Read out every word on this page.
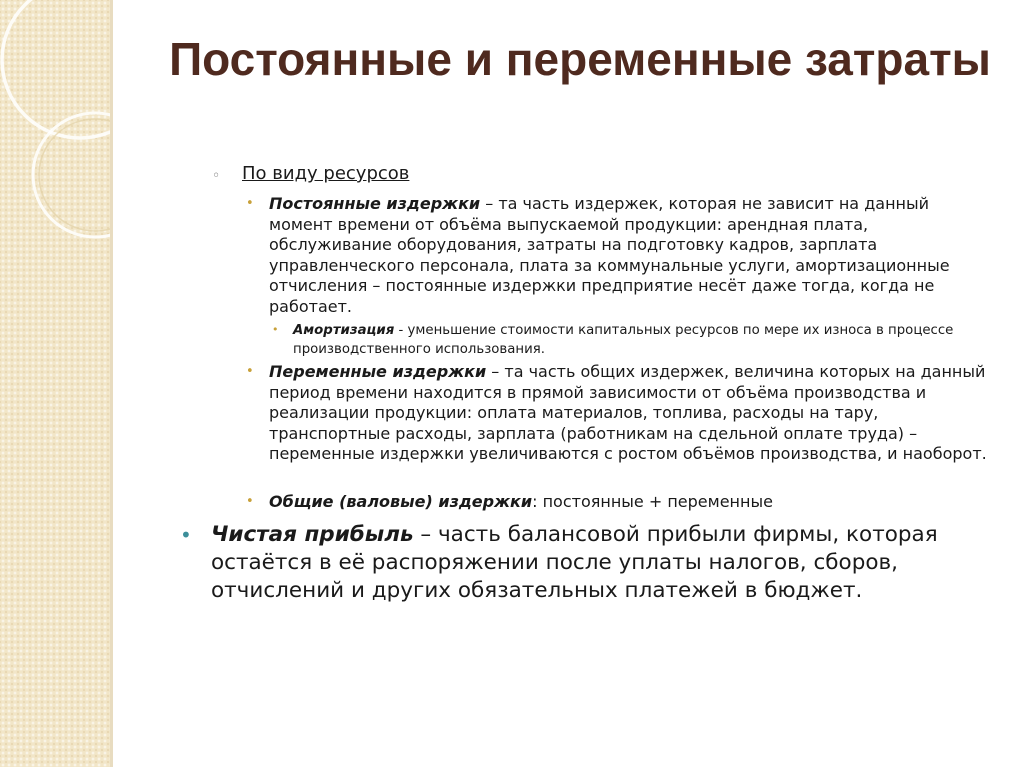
Постоянные и переменные затраты
◦ По виду ресурсов
• Постоянные издержки – та часть издержек, которая не зависит на данный момент времени от объёма выпускаемой продукции: арендная плата, обслуживание оборудования, затраты на подготовку кадров, зарплата управленческого персонала, плата за коммунальные услуги, амортизационные отчисления – постоянные издержки предприятие несёт даже тогда, когда не работает.
• Амортизация - уменьшение стоимости капитальных ресурсов по мере их износа в процессе производственного использования.
• Переменные издержки – та часть общих издержек, величина которых на данный период времени находится в прямой зависимости от объёма производства и реализации продукции: оплата материалов, топлива, расходы на тару, транспортные расходы, зарплата (работникам на сдельной оплате труда) – переменные издержки увеличиваются с ростом объёмов производства, и наоборот.
• Общие (валовые) издержки: постоянные + переменные
• Чистая прибыль – часть балансовой прибыли фирмы, которая остаётся в её распоряжении после уплаты налогов, сборов, отчислений и других обязательных платежей в бюджет.
